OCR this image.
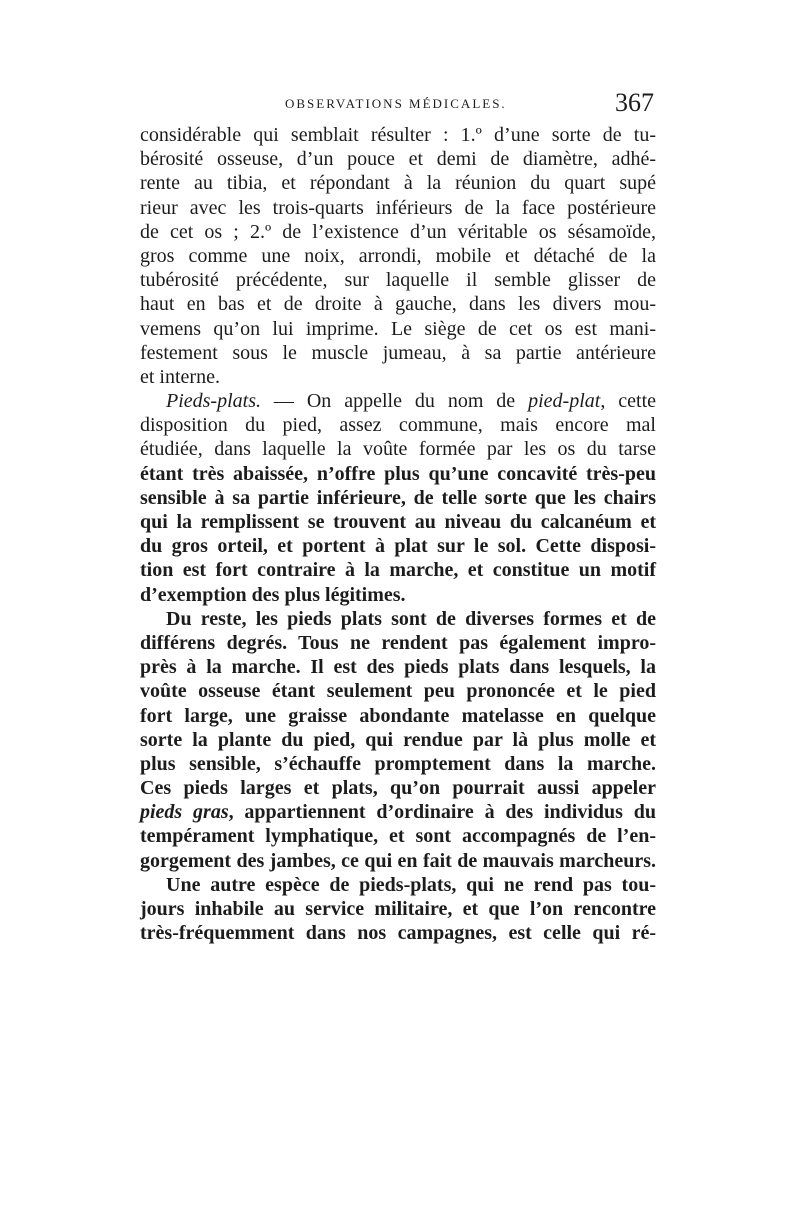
OBSERVATIONS MÉDICALES.	367
considérable qui semblait résulter : 1.º d’une sorte de tu-
bérosité osseuse, d’un pouce et demi de diamètre, adhé-
rente au tibia, et répondant à la réunion du quart supé
rieur avec les trois-quarts inférieurs de la face postérieure
de cet os ; 2.º de l’existence d’un véritable os sésamoïde,
gros comme une noix, arrondi, mobile et détaché de la
tubérosité précédente, sur laquelle il semble glisser de
haut en bas et de droite à gauche, dans les divers mou-
vemens qu’on lui imprime. Le siège de cet os est mani-
festement sous le muscle jumeau, à sa partie antérieure
et interne.
Pieds-plats. — On appelle du nom de pied-plat, cette
disposition du pied, assez commune, mais encore mal
étudiée, dans laquelle la voûte formée par les os du tarse
étant très abaissée, n’offre plus qu’une concavité très-peu
sensible à sa partie inférieure, de telle sorte que les chairs
qui la remplissent se trouvent au niveau du calcanéum et
du gros orteil, et portent à plat sur le sol. Cette disposi-
tion est fort contraire à la marche, et constitue un motif
d’exemption des plus légitimes.
Du reste, les pieds plats sont de diverses formes et de
différens degrés. Tous ne rendent pas également impro-
près à la marche. Il est des pieds plats dans lesquels, la
voûte osseuse étant seulement peu prononcée et le pied
fort large, une graisse abondante matelasse en quelque
sorte la plante du pied, qui rendue par là plus molle et
plus sensible, s’échauffe promptement dans la marche.
Ces pieds larges et plats, qu’on pourrait aussi appeler
pieds gras, appartiennent d’ordinaire à des individus du
tempérament lymphatique, et sont accompagnés de l’en-
gorgement des jambes, ce qui en fait de mauvais marcheurs.
Une autre espèce de pieds-plats, qui ne rend pas tou-
jours inhabile au service militaire, et que l’on rencontre
très-fréquemment dans nos campagnes, est celle qui ré-
